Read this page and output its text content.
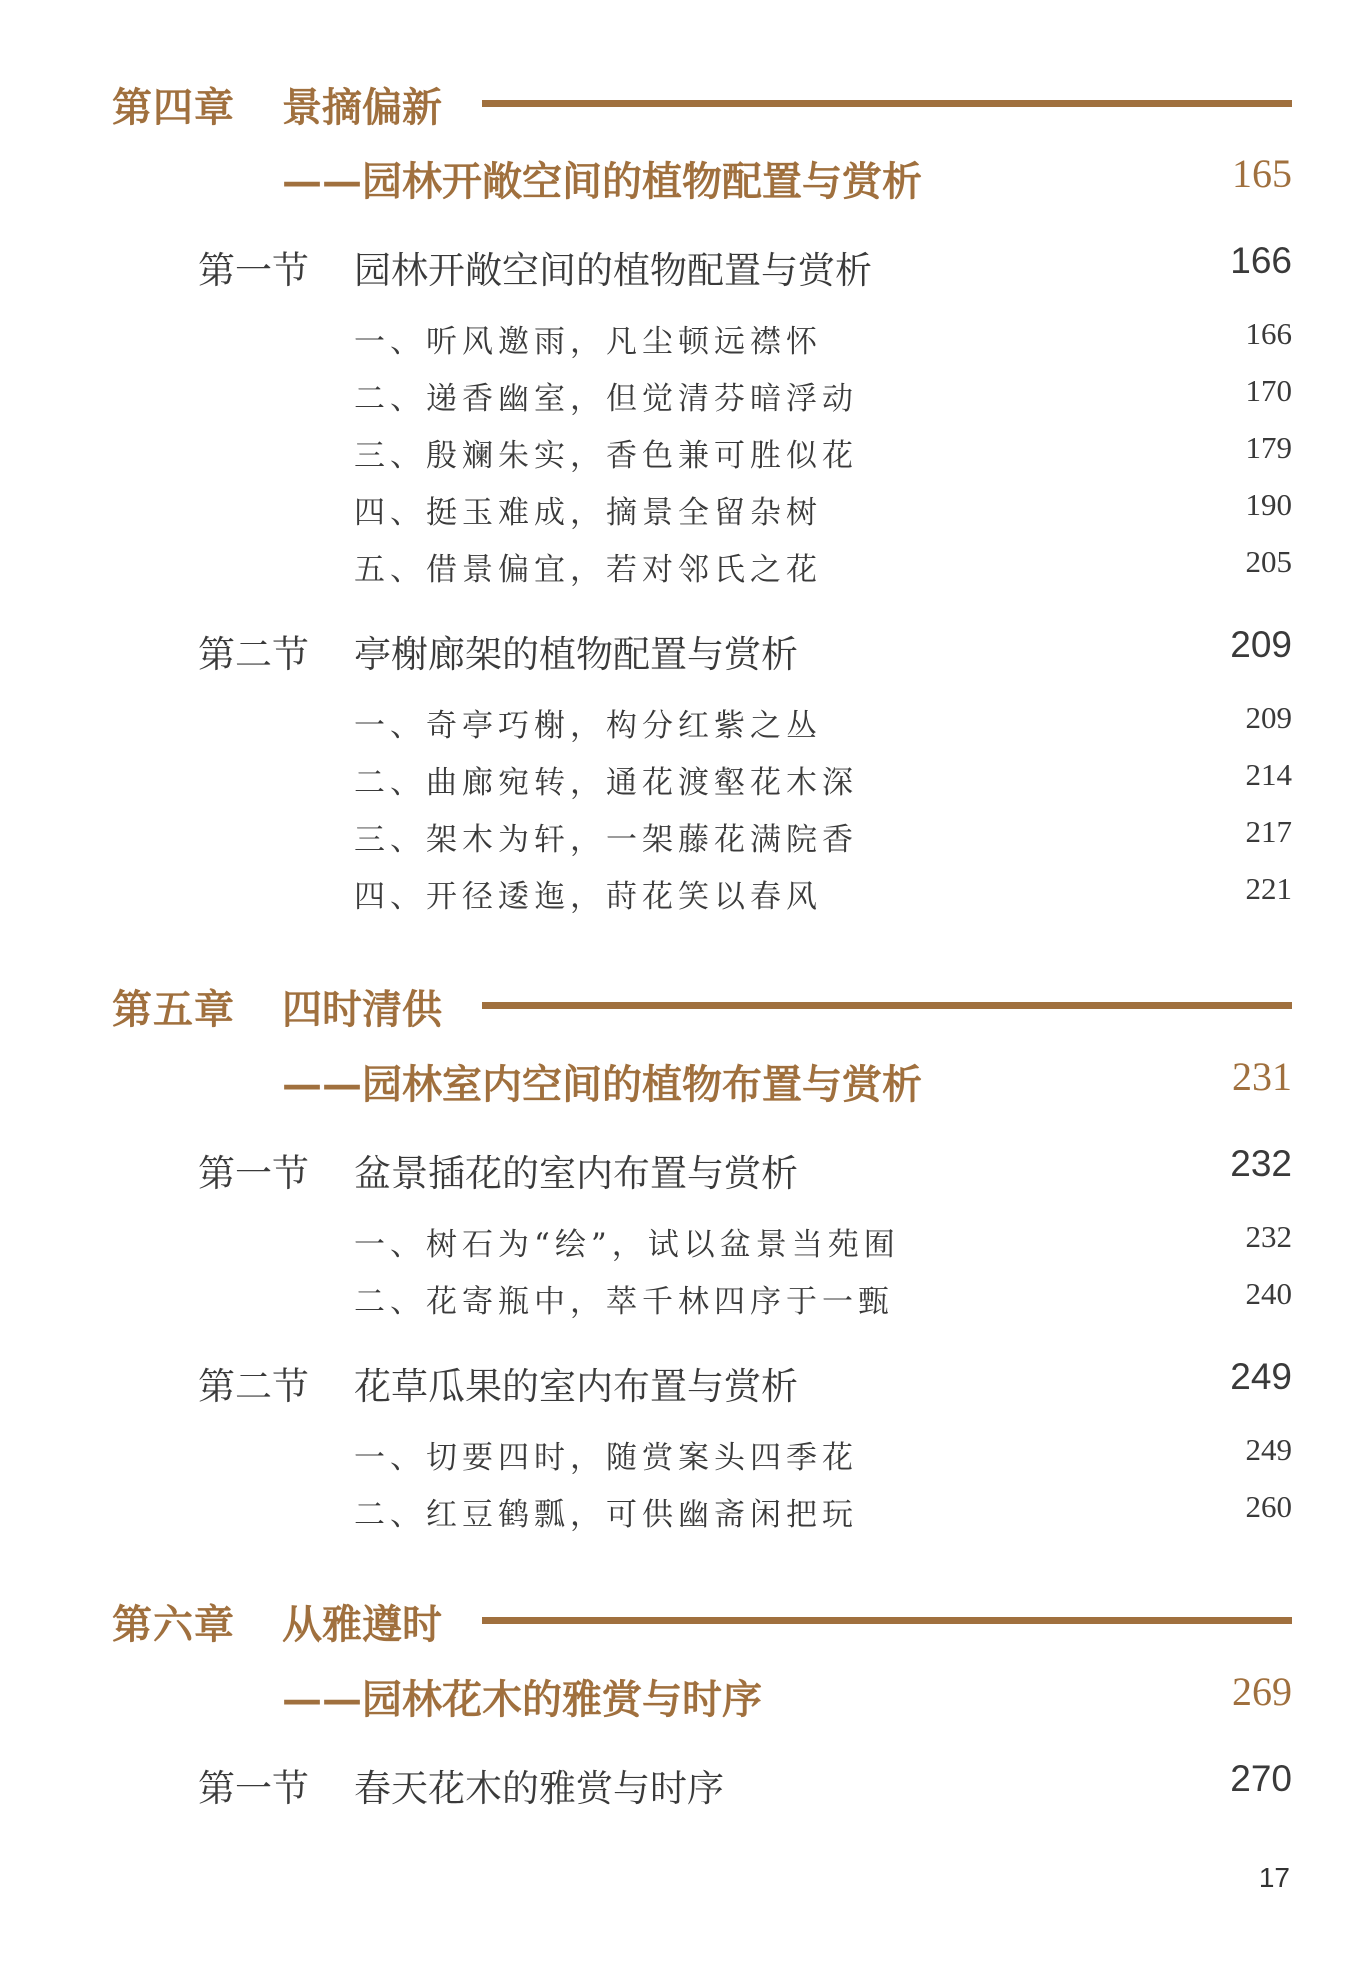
第四章 景摘偏新
——园林开敞空间的植物配置与赏析	165
第一节 园林开敞空间的植物配置与赏析	166
一、听风邀雨，凡尘顿远襟怀	166
二、递香幽室，但觉清芬暗浮动	170
三、殷斓朱实，香色兼可胜似花	179
四、挺玉难成，摘景全留杂树	190
五、借景偏宜，若对邻氏之花	205
第二节 亭榭廊架的植物配置与赏析	209
一、奇亭巧榭，构分红紫之丛	209
二、曲廊宛转，通花渡壑花木深	214
三、架木为轩，一架藤花满院香	217
四、开径逶迤，莳花笑以春风	221
第五章 四时清供
——园林室内空间的植物布置与赏析	231
第一节 盆景插花的室内布置与赏析	232
一、树石为“绘”，试以盆景当苑囿	232
二、花寄瓶中，萃千林四序于一甄	240
第二节 花草瓜果的室内布置与赏析	249
一、切要四时，随赏案头四季花	249
二、红豆鹤瓢，可供幽斋闲把玩	260
第六章 从雅遵时
——园林花木的雅赏与时序	269
第一节 春天花木的雅赏与时序	270
17
